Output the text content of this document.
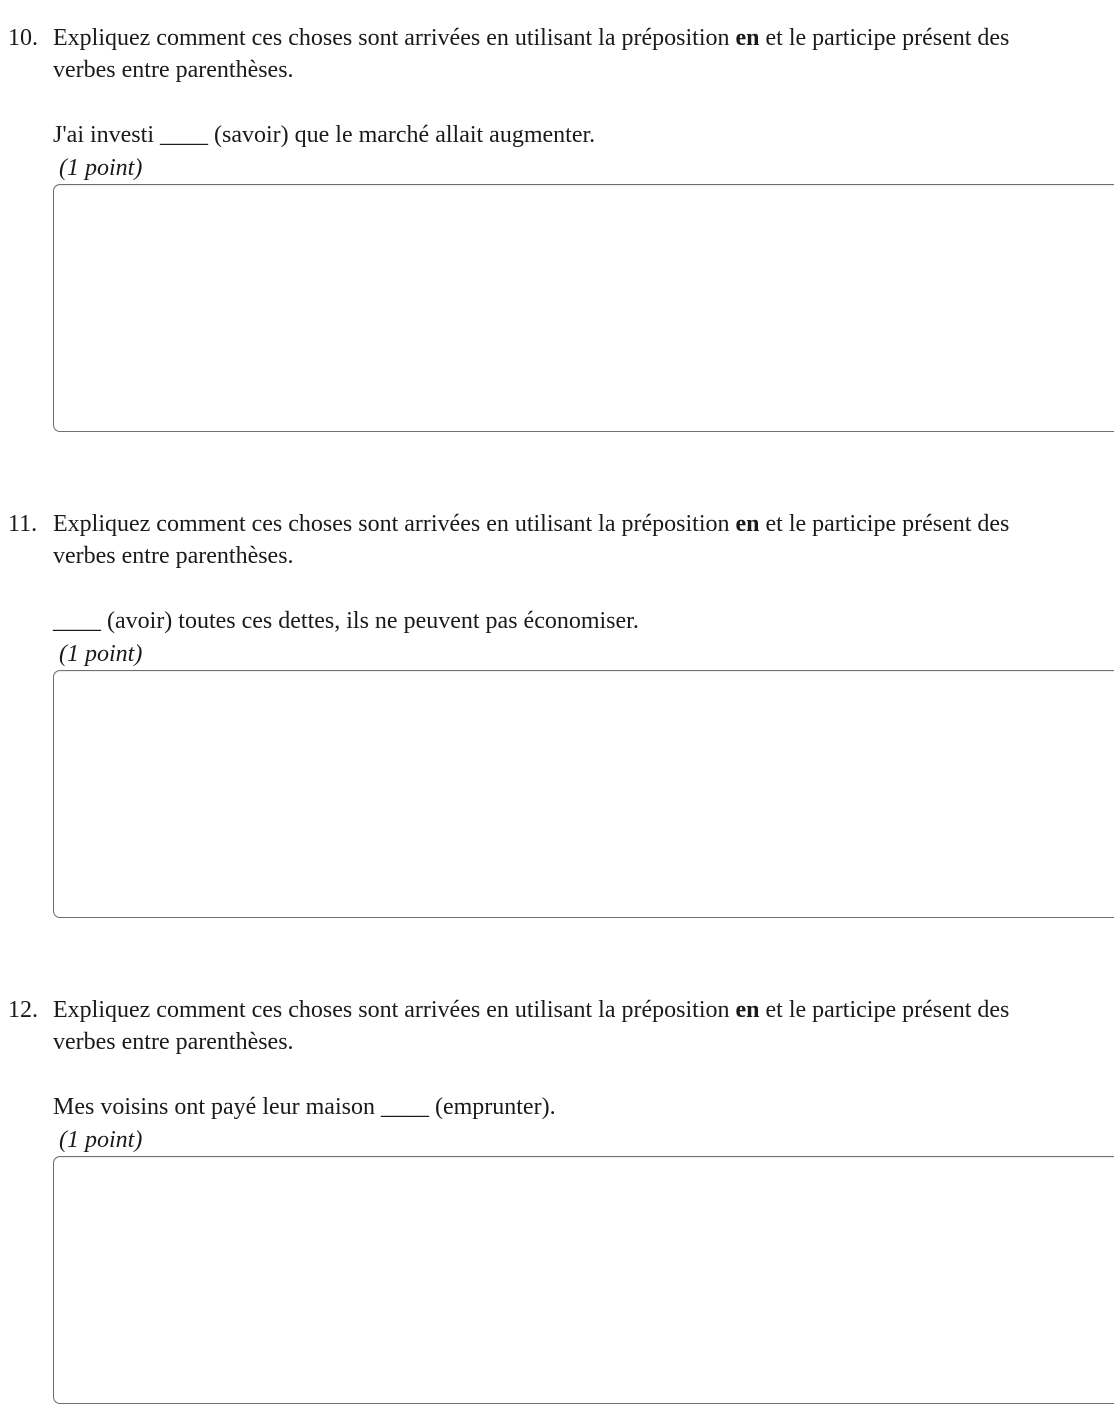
10. Expliquez comment ces choses sont arrivées en utilisant la préposition en et le participe présent des verbes entre parenthèses.
J'ai investi ____ (savoir) que le marché allait augmenter.
(1 point)
11. Expliquez comment ces choses sont arrivées en utilisant la préposition en et le participe présent des verbes entre parenthèses.
____ (avoir) toutes ces dettes, ils ne peuvent pas économiser.
(1 point)
12. Expliquez comment ces choses sont arrivées en utilisant la préposition en et le participe présent des verbes entre parenthèses.
Mes voisins ont payé leur maison ____ (emprunter).
(1 point)
